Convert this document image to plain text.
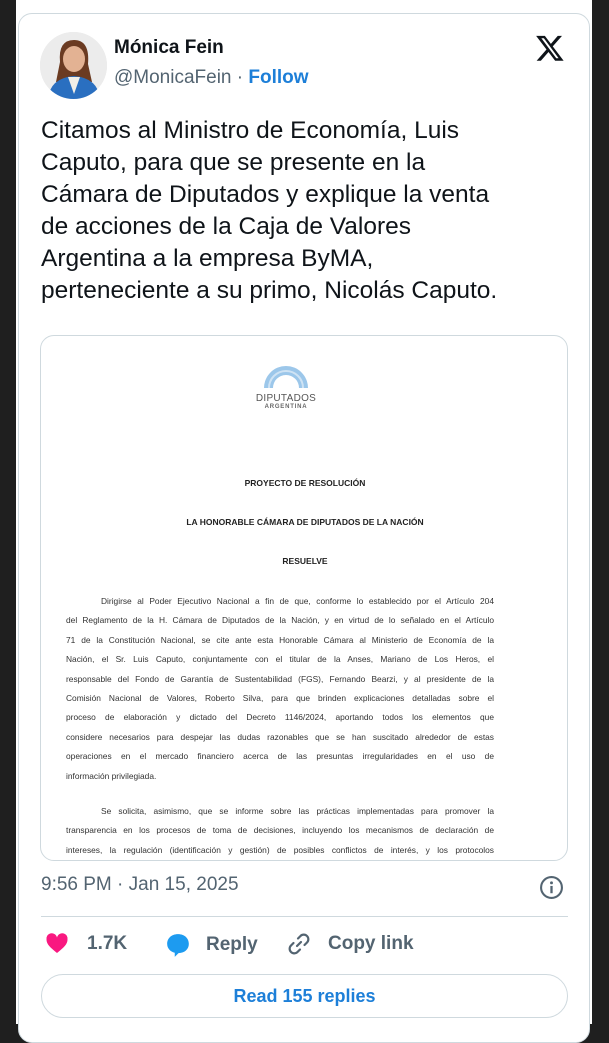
Mónica Fein
@MonicaFein · Follow
Citamos al Ministro de Economía, Luis
Caputo, para que se presente en la
Cámara de Diputados y explique la venta
de acciones de la Caja de Valores
Argentina a la empresa ByMA,
perteneciente a su primo, Nicolás Caputo.
DIPUTADOS
ARGENTINA
PROYECTO DE RESOLUCIÓN
LA HONORABLE CÁMARA DE DIPUTADOS DE LA NACIÓN
RESUELVE
Dirigirse al Poder Ejecutivo Nacional a fin de que, conforme lo establecido por el Artículo 204
del Reglamento de la H. Cámara de Diputados de la Nación, y en virtud de lo señalado en el Artículo
71 de la Constitución Nacional, se cite ante esta Honorable Cámara al Ministerio de Economía de la
Nación, el Sr. Luis Caputo, conjuntamente con el titular de la Anses, Mariano de Los Heros, el
responsable del Fondo de Garantía de Sustentabilidad (FGS), Fernando Bearzi, y al presidente de la
Comisión Nacional de Valores, Roberto Silva, para que brinden explicaciones detalladas sobre el
proceso de elaboración y dictado del Decreto 1146/2024, aportando todos los elementos que
considere necesarios para despejar las dudas razonables que se han suscitado alrededor de estas
operaciones en el mercado financiero acerca de las presuntas irregularidades en el uso de
información privilegiada.
Se solicita, asimismo, que se informe sobre las prácticas implementadas para promover la
transparencia en los procesos de toma de decisiones, incluyendo los mecanismos de declaración de
intereses, la regulación (identificación y gestión) de posibles conflictos de interés, y los protocolos
9:56 PM · Jan 15, 2025
1.7K	Reply	Copy link
Read 155 replies
